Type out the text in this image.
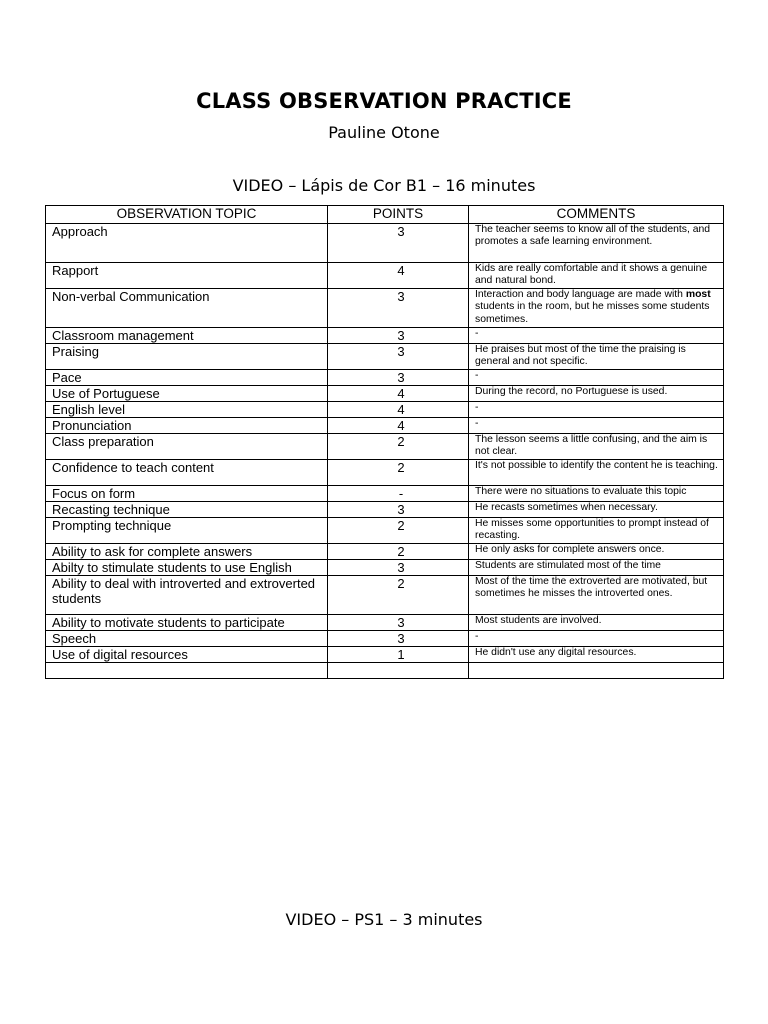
CLASS OBSERVATION PRACTICE
Pauline Otone
VIDEO – Lápis de Cor B1 – 16 minutes
OBSERVATION TOPIC	POINTS	COMMENTS
Approach	3	The teacher seems to know all of the students, and promotes a safe learning environment.
Rapport	4	Kids are really comfortable and it shows a genuine and natural bond.
Non-verbal Communication	3	Interaction and body language are made with most students in the room, but he misses some students sometimes.
Classroom management	3	-
Praising	3	He praises but most of the time the praising is general and not specific.
Pace	3	-
Use of Portuguese	4	During the record, no Portuguese is used.
English level	4	-
Pronunciation	4	-
Class preparation	2	The lesson seems a little confusing, and the aim is not clear.
Confidence to teach content	2	It's not possible to identify the content he is teaching.
Focus on form	-	There were no situations to evaluate this topic
Recasting technique	3	He recasts sometimes when necessary.
Prompting technique	2	He misses some opportunities to prompt instead of recasting.
Ability to ask for complete answers	2	He only asks for complete answers once.
Abilty to stimulate students to use English	3	Students are stimulated most of the time
Ability to deal with introverted and extroverted students	2	Most of the time the extroverted are motivated, but sometimes he misses the introverted ones.
Ability to motivate students to participate	3	Most students are involved.
Speech	3	-
Use of digital resources	1	He didn't use any digital resources.

VIDEO – PS1 – 3 minutes
